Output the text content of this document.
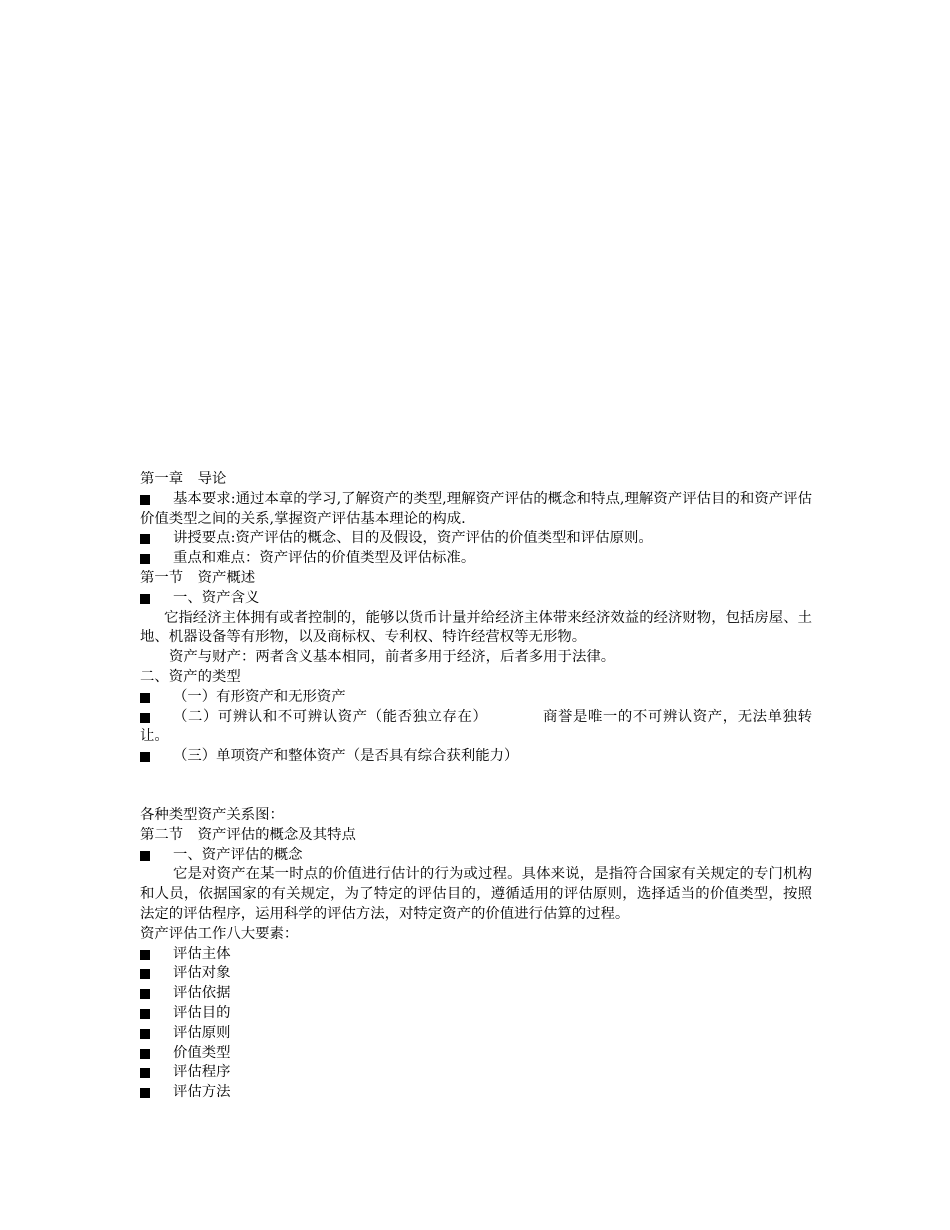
第一章　导论
基本要求:通过本章的学习,了解资产的类型,理解资产评估的概念和特点,理解资产评估目的和资产评估价值类型之间的关系,掌握资产评估基本理论的构成.
讲授要点:资产评估的概念、目的及假设，资产评估的价值类型和评估原则。
重点和难点：资产评估的价值类型及评估标准。
第一节　资产概述
一、资产含义
它指经济主体拥有或者控制的，能够以货币计量并给经济主体带来经济效益的经济财物，包括房屋、土地、机器设备等有形物，以及商标权、专利权、特许经营权等无形物。
资产与财产：两者含义基本相同，前者多用于经济，后者多用于法律。
二、资产的类型
（一）有形资产和无形资产
（二）可辨认和不可辨认资产（能否独立存在）	商誉是唯一的不可辨认资产，无法单独转让。
（三）单项资产和整体资产（是否具有综合获利能力）
各种类型资产关系图：
第二节　资产评估的概念及其特点
一、资产评估的概念
它是对资产在某一时点的价值进行估计的行为或过程。具体来说，是指符合国家有关规定的专门机构和人员，依据国家的有关规定，为了特定的评估目的，遵循适用的评估原则，选择适当的价值类型，按照法定的评估程序，运用科学的评估方法，对特定资产的价值进行估算的过程。
资产评估工作八大要素：
评估主体
评估对象
评估依据
评估目的
评估原则
价值类型
评估程序
评估方法
